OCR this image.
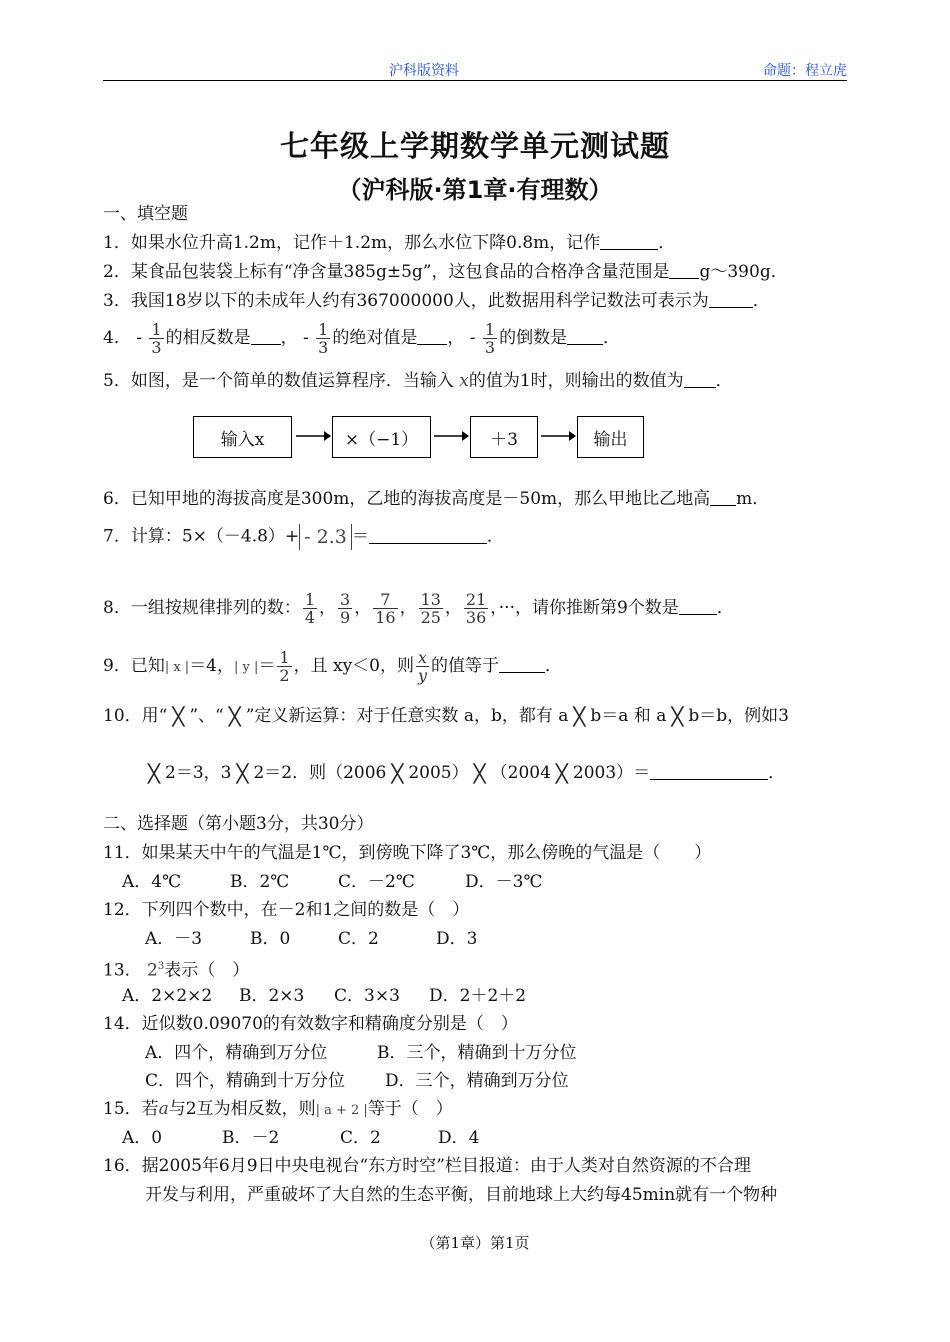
沪科版资料	命题：程立虎
七年级上学期数学单元测试题
（沪科版·第1章·有理数）
一、填空题
1．如果水位升高1.2m，记作＋1.2m，那么水位下降0.8m，记作	．
2．某食品包装袋上标有“净含量385g±5g”，这包食品的合格净含量范围是 g～390g．
3．我国18岁以下的未成年人约有367000000人，此数据用科学记数法可表示为	．
4． - $\frac{1}{3}$ 的相反数是 ， - $\frac{1}{3}$ 的绝对值是 ， - $\frac{1}{3}$ 的倒数是 ．
5．如图，是一个简单的数值运算程序．当输入 x的值为1时，则输出的数值为 ．
输入x	×（−1）	＋3	输出
6．已知甲地的海拔高度是300m，乙地的海拔高度是－50m，那么甲地比乙地高 m．
7．计算：5×（－4.8）+ - 2.3 ＝	．
8．一组按规律排列的数： $\frac{1}{4}$ ， $\frac{3}{9}$ ， $\frac{7}{16}$ ， $\frac{13}{25}$ ， $\frac{21}{36}$ ，···，请你推断第9个数是 ．
9．已知| x |＝4，| y |＝ $\frac{1}{2}$ ，且 xy＜0，则 $\frac{x}{y}$ 的值等于	．
10．用“ ᚷ ”、“ ᚷ ”定义新运算：对于任意实数 a，b，都有 a ᚷ b＝a 和 a ᚷ b＝b，例如3
ᚷ 2＝3，3 ᚷ 2＝2．则（2006 ᚷ 2005） ᚷ （2004 ᚷ 2003）＝	．
二、选择题（第小题3分，共30分）
11．如果某天中午的气温是1℃，到傍晚下降了3℃，那么傍晚的气温是（　　）
A．4℃	B．2℃	C．－2℃	D．－3℃
12．下列四个数中，在－2和1之间的数是（　）
A．－3	B．0	C．2	D．3
13． $2^3$表示（　）
A．2×2×2 B．2×3 C．3×3 D．2＋2＋2
14．近似数0.09070的有效数字和精确度分别是（　）
A．四个，精确到万分位	B．三个，精确到十万分位
C．四个，精确到十万分位 D．三个，精确到万分位
15．若a与2互为相反数，则| a + 2 |等于（　）
A．0	B．－2	C．2	D．4
16．据2005年6月9日中央电视台“东方时空”栏目报道：由于人类对自然资源的不合理
开发与利用，严重破坏了大自然的生态平衡，目前地球上大约每45min就有一个物种
（第1章）第1页
